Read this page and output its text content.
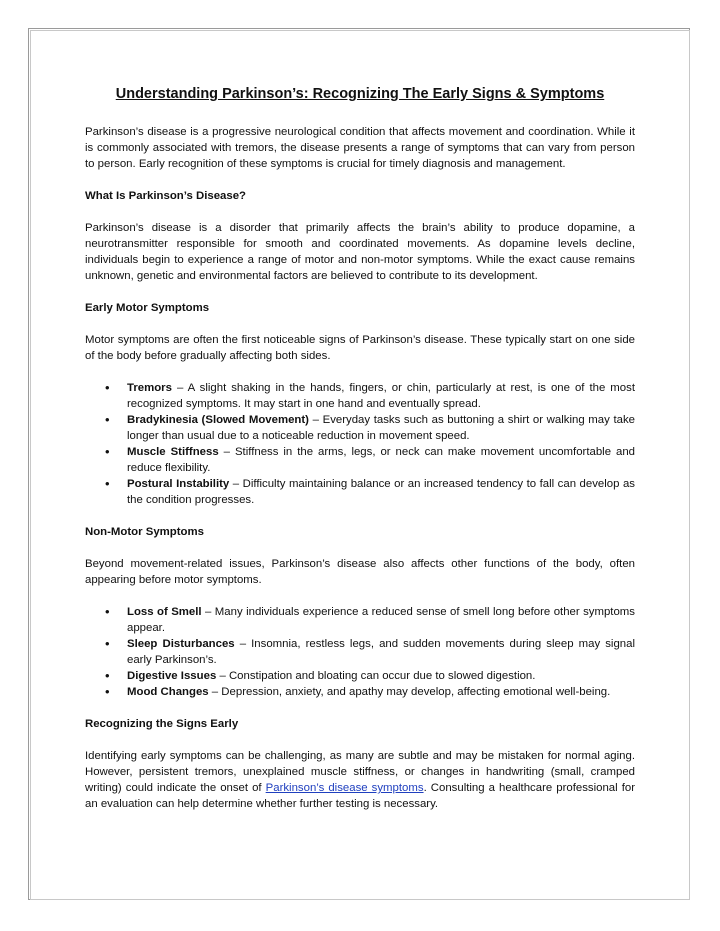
Understanding Parkinson’s: Recognizing The Early Signs & Symptoms

Parkinson’s disease is a progressive neurological condition that affects movement and coordination. While it is commonly associated with tremors, the disease presents a range of symptoms that can vary from person to person. Early recognition of these symptoms is crucial for timely diagnosis and management.

What Is Parkinson’s Disease?

Parkinson’s disease is a disorder that primarily affects the brain’s ability to produce dopamine, a neurotransmitter responsible for smooth and coordinated movements. As dopamine levels decline, individuals begin to experience a range of motor and non-motor symptoms. While the exact cause remains unknown, genetic and environmental factors are believed to contribute to its development.

Early Motor Symptoms

Motor symptoms are often the first noticeable signs of Parkinson’s disease. These typically start on one side of the body before gradually affecting both sides.

• Tremors – A slight shaking in the hands, fingers, or chin, particularly at rest, is one of the most recognized symptoms. It may start in one hand and eventually spread.
• Bradykinesia (Slowed Movement) – Everyday tasks such as buttoning a shirt or walking may take longer than usual due to a noticeable reduction in movement speed.
• Muscle Stiffness – Stiffness in the arms, legs, or neck can make movement uncomfortable and reduce flexibility.
• Postural Instability – Difficulty maintaining balance or an increased tendency to fall can develop as the condition progresses.
Non-Motor Symptoms

Beyond movement-related issues, Parkinson’s disease also affects other functions of the body, often appearing before motor symptoms.

• Loss of Smell – Many individuals experience a reduced sense of smell long before other symptoms appear.
• Sleep Disturbances – Insomnia, restless legs, and sudden movements during sleep may signal early Parkinson’s.
• Digestive Issues – Constipation and bloating can occur due to slowed digestion.
• Mood Changes – Depression, anxiety, and apathy may develop, affecting emotional well-being.
Recognizing the Signs Early

Identifying early symptoms can be challenging, as many are subtle and may be mistaken for normal aging. However, persistent tremors, unexplained muscle stiffness, or changes in handwriting (small, cramped writing) could indicate the onset of Parkinson’s disease symptoms. Consulting a healthcare professional for an evaluation can help determine whether further testing is necessary.
